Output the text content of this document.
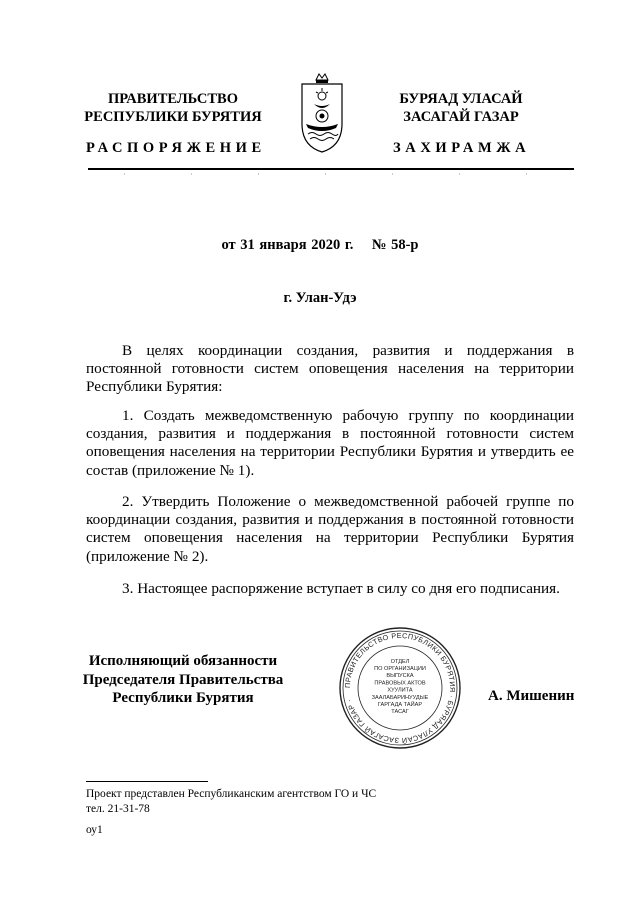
ПРАВИТЕЛЬСТВО
РЕСПУБЛИКИ БУРЯТИЯ
БУРЯАД УЛАСАЙ
ЗАСАГАЙ ГАЗАР
РАСПОРЯЖЕНИЕ	ЗАХИРАМЖА
от 31 января 2020 г.    № 58-р
г. Улан-Удэ
В целях координации создания, развития и поддержания в постоянной готовности систем оповещения населения на территории Республики Бурятия:
1. Создать межведомственную рабочую группу по координации создания, развития и поддержания в постоянной готовности систем оповещения населения на территории Республики Бурятия и утвердить ее состав (приложение № 1).
2. Утвердить Положение о межведомственной рабочей группе по координации создания, развития и поддержания в постоянной готовности систем оповещения населения на территории Республики Бурятия (приложение № 2).
3. Настоящее распоряжение вступает в силу со дня его подписания.
Исполняющий обязанности
Председателя Правительства
Республики Бурятия
ПРАВИТЕЛЬСТВО РЕСПУБЛИКИ БУРЯТИЯ · БУРЯАД УЛАСАЙ ЗАСАГАЙ ГАЗАР ·
ОТДЕЛ
ПО ОРГАНИЗАЦИИ
ВЫПУСКА
ПРАВОВЫХ АКТОВ
ХУУЛИТА
ЗААЛАБАРИНУУДЫЕ
ГАРГАДА ТАЙАР
ТАСАГ
А. Мишенин
Проект представлен Республиканским агентством ГО и ЧС
тел. 21-31-78
оу1
